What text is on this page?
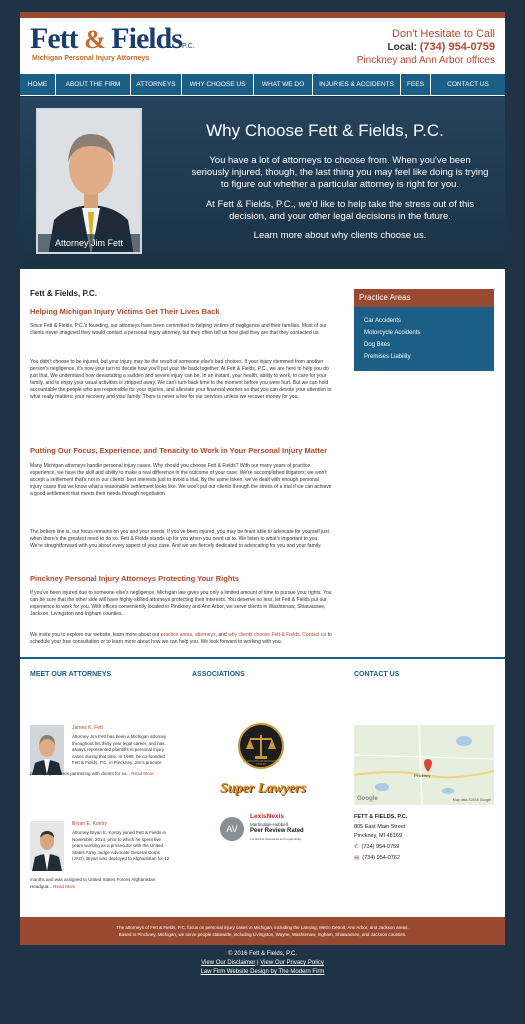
Fett & FieldsP.C.
Michigan Personal Injury Attorneys
Don't Hesitate to Call
Local: (734) 954-0759
Pinckney and Ann Arbor offices
HOME	ABOUT THE FIRM	ATTORNEYS	WHY CHOOSE US	WHAT WE DO	INJURIES & ACCIDENTS	FEES	CONTACT US
Attorney Jim Fett
Why Choose Fett & Fields, P.C.

You have a lot of attorneys to choose from. When you've been seriously injured, though, the last thing you may feel like doing is trying to figure out whether a particular attorney is right for you.

At Fett & Fields, P.C., we'd like to help take the stress out of this decision, and your other legal decisions in the future.

Learn more about why clients choose us.

Fett & Fields, P.C.
Helping Michigan Injury Victims Get Their Lives Back
Since Fett & Fields, P.C.'s founding, our attorneys have been committed to helping victims of negligence and their families. Most of our clients never imagined they would contact a personal injury attorney, but they often tell us how glad they are that they contacted us.
You didn't choose to be injured, but your injury may be the result of someone else's bad choices. If your injury stemmed from another person's negligence, it's now your turn to decide how you'll put your life back together. At Fett & Fields, P.C., we are here to help you do just that. We understand how devastating a sudden and severe injury can be. In an instant, your health, ability to work, to care for your family, and to enjoy your usual activities is stripped away. We can't turn back time to the moment before you were hurt. But we can hold accountable the people who are responsible for your injuries, and alleviate your financial worries so that you can devote your attention to what really matters: your recovery and your family. There is never a fee for our services unless we recover money for you.
Putting Our Focus, Experience, and Tenacity to Work in Your Personal Injury Matter
Many Michigan attorneys handle personal injury cases. Why should you choose Fett & Fields? With our many years of practice experience, we have the skill and ability to make a real difference in the outcome of your case. We're accomplished litigators; we won't accept a settlement that's not in our clients' best interests just to avoid a trial. By the same token, we've dealt with enough personal injury cases that we know what a reasonable settlement looks like. We won't put our clients through the stress of a trial if we can achieve a good settlement that meets their needs through negotiation.
The bottom line is, our focus remains on you and your needs. If you've been injured, you may be feant able to advocate for yourself just when there's the greatest need to do so. Fett & Fields stands up for you when you need us to. We listen to what's important to you. We're straightforward with you about every aspect of your case. And we are fiercely dedicated to advocating for you and your family.
Pinckney Personal Injury Attorneys Protecting Your Rights
If you've been injured due to someone else's negligence, Michigan law gives you only a limited amount of time to pursue your rights. You can be sure that the other side will have highly-skilled attorneys protecting their interests. You deserve no less; let Fett & Fields put our experience to work for you. With offices conveniently located in Pinckney and Ann Arbor, we serve clients in Washtenaw, Shiawassee, Jackson, Livingston and Ingham counties.
We invite you to explore our website, learn more about our practice areas, attorneys, and why clients choose Fett & Fields. Contact us to schedule your free consultation or to learn more about how we can help you. We look forward to working with you.
Practice Areas
Car Accidents
Motorcycle Accidents
Dog Bites
Premises Liability
MEET OUR ATTORNEYS
James K. Fett
Attorney Jim Fett has been a Michigan attorney throughout his thirty year legal career, and has always represented plaintiffs in personal injury cases during that time. In 1999, he co-founded Fett & Fields, P.C. in Pinckney. Jim's practice
philosophy involves partnering with clients for su... Read More
Bryan E. Kontry
Attorney Bryan E. Kontry joined Fett & Fields in November, 2014, prior to which he spent five years working as a prosecutor with the United States Army Judge Advocate General Corps (JAG). Bryan was deployed to Afghanistan for 12
months and was assigned to United States Forces Afghanistan Headqua... Read More
ASSOCIATIONS
MILLION DOLLAR ADVOCATES FORUM
Super Lawyers
AV
LexisNexis
Martindale-Hubbell
Peer Review Rated
For Ethical Standards and Legal Ability
CONTACT US
Pinckney
Google	Map data ©2016 Google
FETT & FIELDS, P.C.
805 East Main Street
Pinckney, MI 48169
✆ (734) 954-0759
▤ (734) 954-0762

The attorneys of Fett & Fields, P.C. focus on personal injury cases in Michigan, including the Lansing, Metro Detroit, Ann Arbor, and Jackson areas.

Based in Pinckney, Michigan, we serve people statewide, including Livingston, Wayne, Washtenaw, Ingham, Shiawassee, and Jackson counties.

© 2016 Fett & Fields, P.C.
View Our Disclaimer | View Our Privacy Policy
Law Firm Website Design by The Modern Firm
